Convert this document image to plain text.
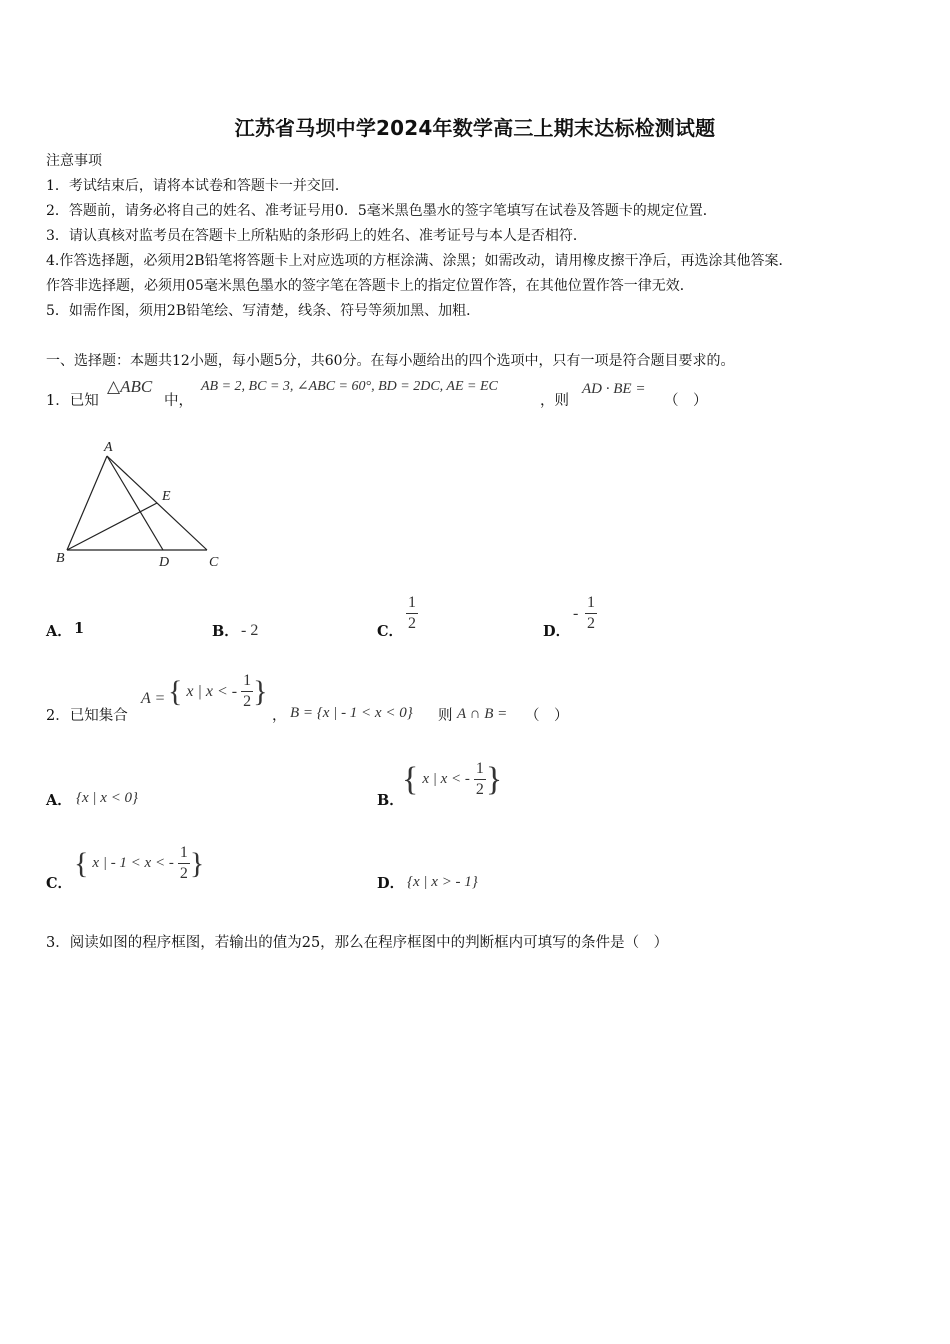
江苏省马坝中学2024年数学高三上期末达标检测试题
注意事项
1．考试结束后，请将本试卷和答题卡一并交回．
2．答题前，请务必将自己的姓名、准考证号用0．5毫米黑色墨水的签字笔填写在试卷及答题卡的规定位置．
3．请认真核对监考员在答题卡上所粘贴的条形码上的姓名、准考证号与本人是否相符．
4.作答选择题，必须用2B铅笔将答题卡上对应选项的方框涂满、涂黑；如需改动，请用橡皮擦干净后，再选涂其他答案．
作答非选择题，必须用05毫米黑色墨水的签字笔在答题卡上的指定位置作答，在其他位置作答一律无效．
5．如需作图，须用2B铅笔绘、写清楚，线条、符号等须加黑、加粗．
一、选择题：本题共12小题，每小题5分，共60分。在每小题给出的四个选项中，只有一项是符合题目要求的。
1．已知
△ABC
中，
AB = 2, BC = 3, ∠ABC = 60°, BD = 2DC, AE = EC
，则
AD · BE =
（　）
A
B	D	C
E
A． 1	B． - 2	C．
1
2	D．
-
1
2
2．已知集合
A = { x | x < - $\frac{1}{2}$ }
， B = {x | - 1 < x < 0} 则 A ∩ B = （　）
A． {x | x < 0}	B．
{ x | x < - $\frac{1}{2}$ }
C．
{ x | - 1 < x < - $\frac{1}{2}$ }
D． {x | x > - 1}
3．阅读如图的程序框图，若输出的值为25，那么在程序框图中的判断框内可填写的条件是（　）
